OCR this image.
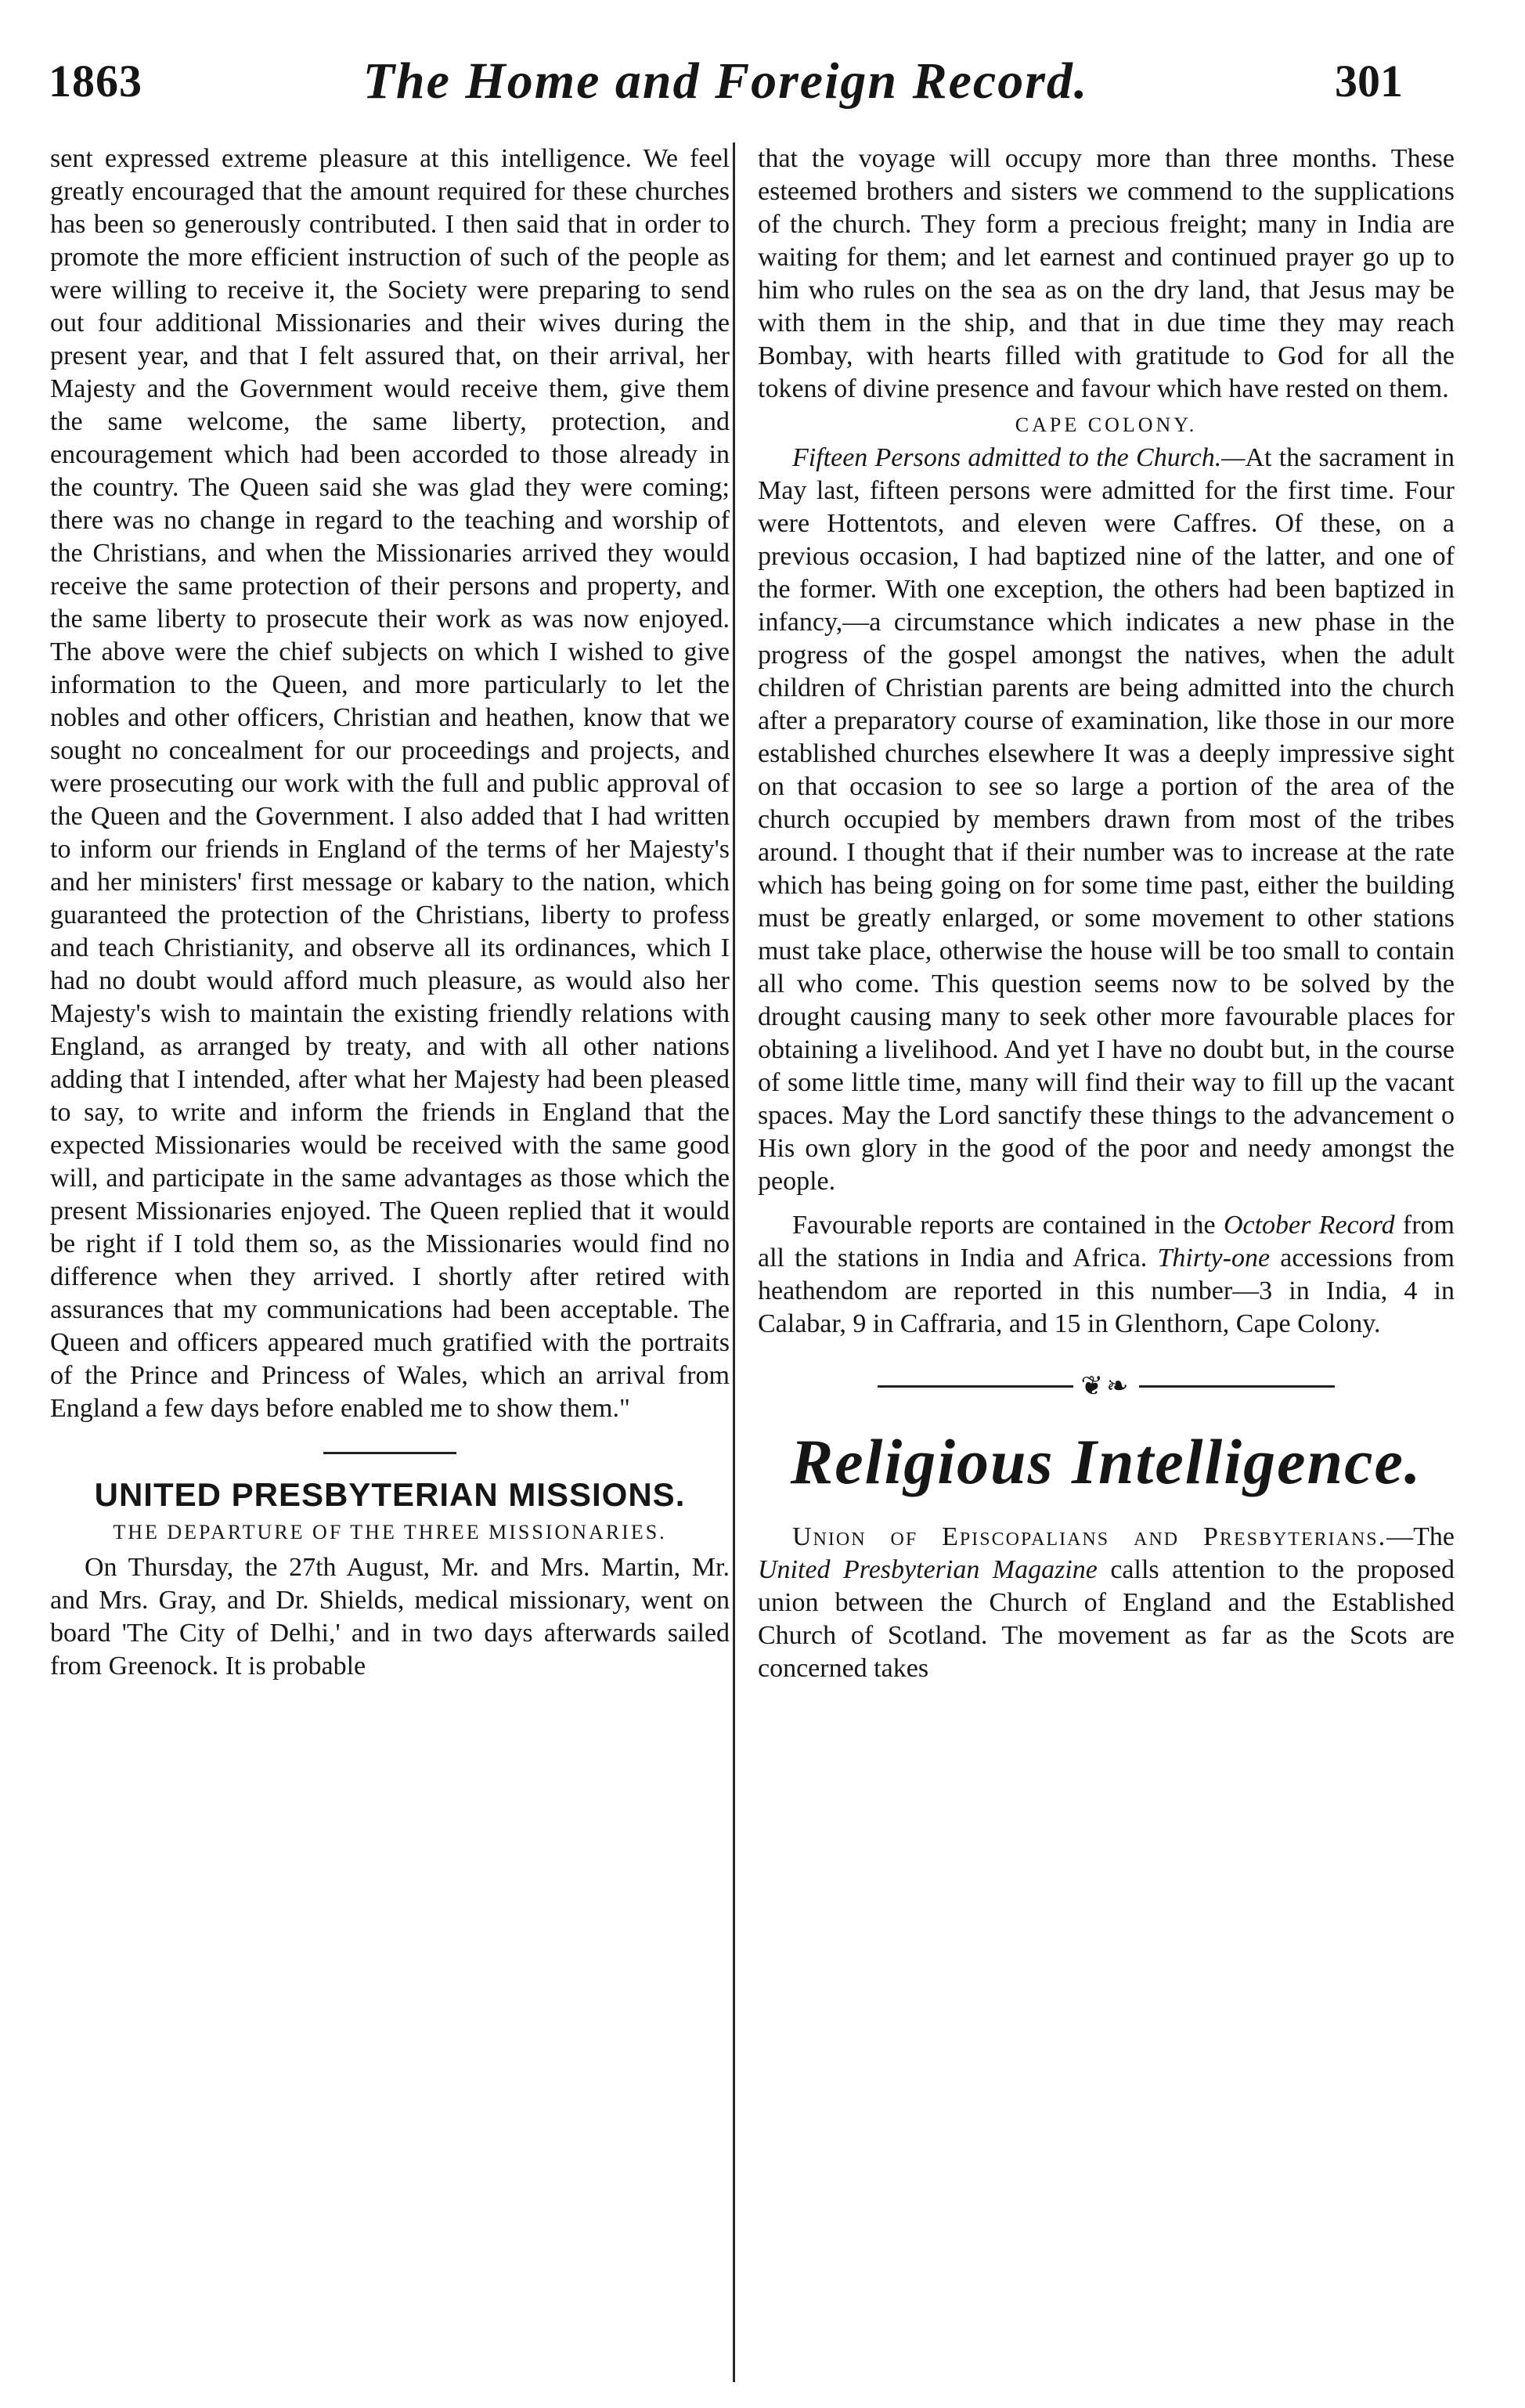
1863	The Home and Foreign Record.	301

sent expressed extreme pleasure at this intelligence. We feel greatly encouraged that the amount required for these churches has been so generously contributed. I then said that in order to promote the more efficient instruction of such of the people as were willing to receive it, the Society were preparing to send out four additional Missionaries and their wives during the present year, and that I felt assured that, on their arrival, her Majesty and the Government would receive them, give them the same welcome, the same liberty, protection, and encouragement which had been accorded to those already in the country. The Queen said she was glad they were coming; there was no change in regard to the teaching and worship of the Christians, and when the Missionaries arrived they would receive the same protection of their persons and property, and the same liberty to prosecute their work as was now enjoyed. The above were the chief subjects on which I wished to give information to the Queen, and more particularly to let the nobles and other officers, Christian and heathen, know that we sought no concealment for our proceedings and projects, and were prosecuting our work with the full and public approval of the Queen and the Government. I also added that I had written to inform our friends in England of the terms of her Majesty's and her ministers' first message or kabary to the nation, which guaranteed the protection of the Christians, liberty to profess and teach Christianity, and observe all its ordinances, which I had no doubt would afford much pleasure, as would also her Majesty's wish to maintain the existing friendly relations with England, as arranged by treaty, and with all other nations adding that I intended, after what her Majesty had been pleased to say, to write and inform the friends in England that the expected Missionaries would be received with the same good will, and participate in the same advantages as those which the present Missionaries enjoyed. The Queen replied that it would be right if I told them so, as the Missionaries would find no difference when they arrived. I shortly after retired with assurances that my communications had been acceptable. The Queen and officers appeared much gratified with the portraits of the Prince and Princess of Wales, which an arrival from England a few days before enabled me to show them."

UNITED PRESBYTERIAN MISSIONS.
THE DEPARTURE OF THE THREE MISSIONARIES.

On Thursday, the 27th August, Mr. and Mrs. Martin, Mr. and Mrs. Gray, and Dr. Shields, medical missionary, went on board 'The City of Delhi,' and in two days afterwards sailed from Greenock. It is probable

that the voyage will occupy more than three months. These esteemed brothers and sisters we commend to the supplications of the church. They form a precious freight; many in India are waiting for them; and let earnest and continued prayer go up to him who rules on the sea as on the dry land, that Jesus may be with them in the ship, and that in due time they may reach Bombay, with hearts filled with gratitude to God for all the tokens of divine presence and favour which have rested on them.

CAPE COLONY.

Fifteen Persons admitted to the Church.—At the sacrament in May last, fifteen persons were admitted for the first time. Four were Hottentots, and eleven were Caffres. Of these, on a previous occasion, I had baptized nine of the latter, and one of the former. With one exception, the others had been baptized in infancy,—a circumstance which indicates a new phase in the progress of the gospel amongst the natives, when the adult children of Christian parents are being admitted into the church after a preparatory course of examination, like those in our more established churches elsewhere It was a deeply impressive sight on that occasion to see so large a portion of the area of the church occupied by members drawn from most of the tribes around. I thought that if their number was to increase at the rate which has being going on for some time past, either the building must be greatly enlarged, or some movement to other stations must take place, otherwise the house will be too small to contain all who come. This question seems now to be solved by the drought causing many to seek other more favourable places for obtaining a livelihood. And yet I have no doubt but, in the course of some little time, many will find their way to fill up the vacant spaces. May the Lord sanctify these things to the advancement o His own glory in the good of the poor and needy amongst the people.

Favourable reports are contained in the October Record from all the stations in India and Africa. Thirty-one accessions from heathendom are reported in this number—3 in India, 4 in Calabar, 9 in Caffraria, and 15 in Glenthorn, Cape Colony.

❦❧
Religious Intelligence.

Union of Episcopalians and Presbyterians.—The United Presbyterian Magazine calls attention to the proposed union between the Church of England and the Established Church of Scotland. The movement as far as the Scots are concerned takes
